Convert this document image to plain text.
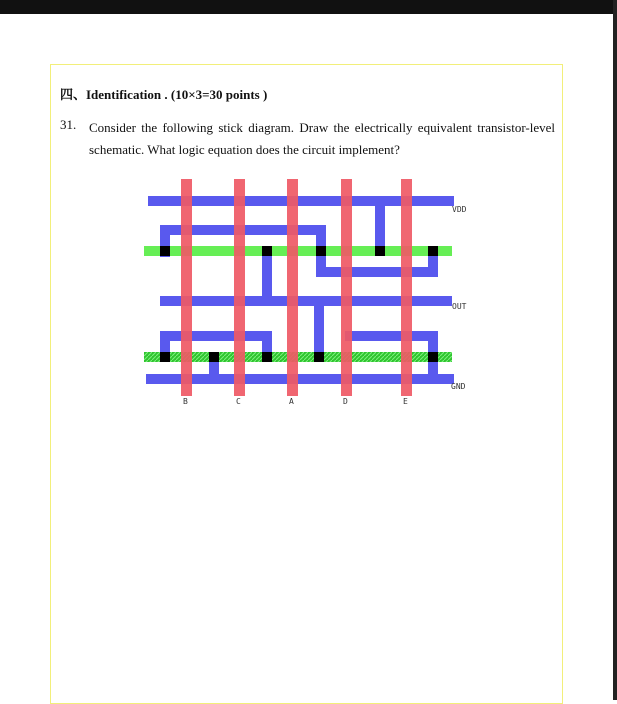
四、Identification . (10×3=30 points )
31. Consider the following stick diagram. Draw the electrically equivalent transistor-level schematic. What logic equation does the circuit implement?
VDD
OUT
GND
B	C	A	D	E
